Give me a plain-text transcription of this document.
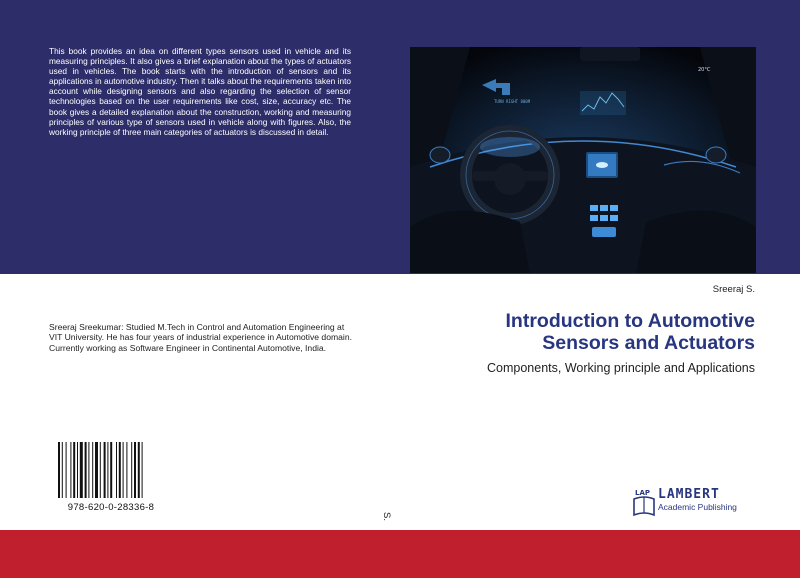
This book provides an idea on different types sensors used in vehicle and its measuring principles. It also gives a brief explanation about the types of actuators used in vehicles. The book starts with the introduction of sensors and its applications in automotive industry. Then it talks about the requirements taken into account while designing sensors and also regarding the selection of sensor technologies based on the user requirements like cost, size, accuracy etc. The book gives a detailed explanation about the construction, working and measuring principles of various type of sensors used in vehicle along with figures. Also, the working principle of three main categories of actuators is discussed in detail.

TURN RIGHT 800M
20°C
Sreeraj S.
Introduction to Automotive
Sensors and Actuators
Components, Working principle and Applications

Sreeraj Sreekumar: Studied M.Tech in Control and Automation Engineering at VIT University. He has four years of industrial experience in Automotive domain. Currently working as Software Engineer in Continental Automotive, India.

978-620-0-28336-8
S.
LAP LAMBERT
Academic Publishing
